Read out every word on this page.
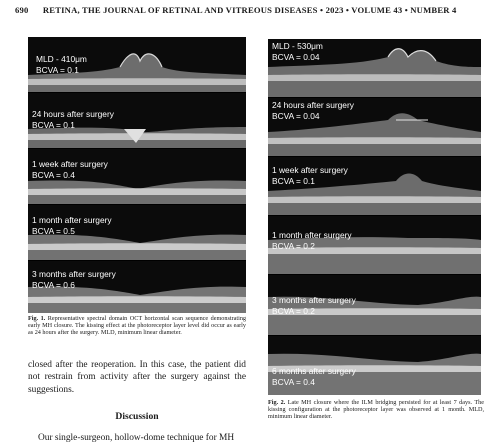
690 RETINA, THE JOURNAL OF RETINAL AND VITREOUS DISEASES • 2023 • VOLUME 43 • NUMBER 4
MLD - 410μm
BCVA = 0.1
24 hours after surgery
BCVA = 0.1
1 week after surgery
BCVA = 0.4
1 month after surgery
BCVA = 0.5
3 months after surgery
BCVA = 0.6
Fig. 1. Representative spectral domain OCT horizontal scan sequence demonstrating early MH closure. The kissing effect at the photoreceptor layer level did occur as early as 24 hours after the surgery. MLD, minimum linear diameter.
MLD - 530μm
BCVA = 0.04
24 hours after surgery
BCVA = 0.04
1 week after surgery
BCVA = 0.1
1 month after surgery
BCVA = 0.2
3 months after surgery
BCVA = 0.2
6 months after surgery
BCVA = 0.4
Fig. 2. Late MH closure where the ILM bridging persisted for at least 7 days. The kissing configuration at the photoreceptor layer was observed at 1 month. MLD, minimum linear diameter.
closed after the reoperation. In this case, the patient did not restrain from activity after the surgery against the suggestions.
Discussion
Our single-surgeon, hollow-dome technique for MH
